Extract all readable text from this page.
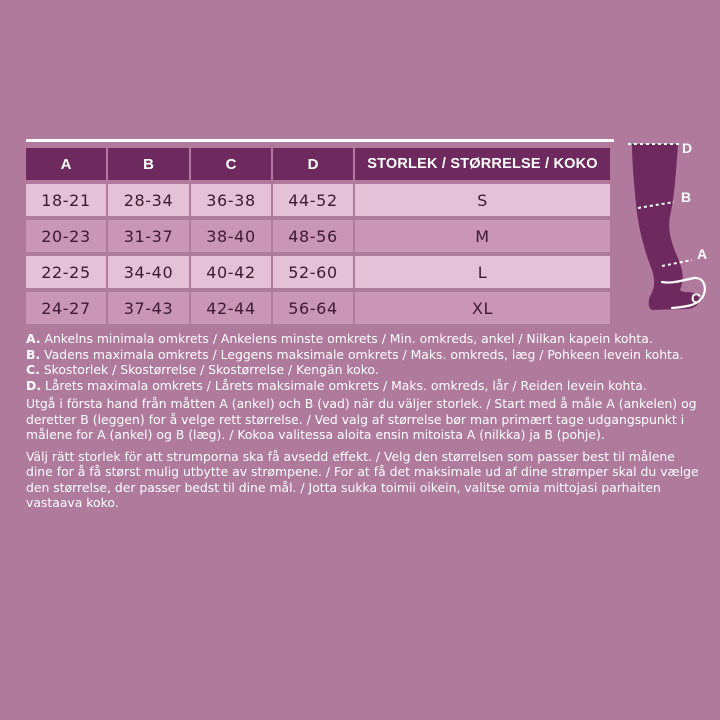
A	B	C	D	STORLEK / STØRRELSE / KOKO
18-21	28-34	36-38	44-52	S
20-23	31-37	38-40	48-56	M
22-25	34-40	40-42	52-60	L
24-27	37-43	42-44	56-64	XL
D
B
A
C
A. Ankelns minimala omkrets / Ankelens minste omkrets / Min. omkreds, ankel / Nilkan kapein kohta.
B. Vadens maximala omkrets / Leggens maksimale omkrets / Maks. omkreds, læg / Pohkeen levein kohta.
C. Skostorlek / Skostørrelse / Skostørrelse / Kengän koko.
D. Lårets maximala omkrets / Lårets maksimale omkrets / Maks. omkreds, lår / Reiden levein kohta.

Utgå i första hand från måtten A (ankel) och B (vad) när du väljer storlek. / Start med å måle A (ankelen) og deretter B (leggen) for å velge rett størrelse. / Ved valg af størrelse bør man primært tage udgangspunkt i målene for A (ankel) og B (læg). / Kokoa valitessa aloita ensin mitoista A (nilkka) ja B (pohje).

Välj rätt storlek för att strumporna ska få avsedd effekt. / Velg den størrelsen som passer best til målene dine for å få størst mulig utbytte av strømpene. / For at få det maksimale ud af dine strømper skal du vælge den størrelse, der passer bedst til dine mål. / Jotta sukka toimii oikein, valitse omia mittojasi parhaiten vastaava koko.
